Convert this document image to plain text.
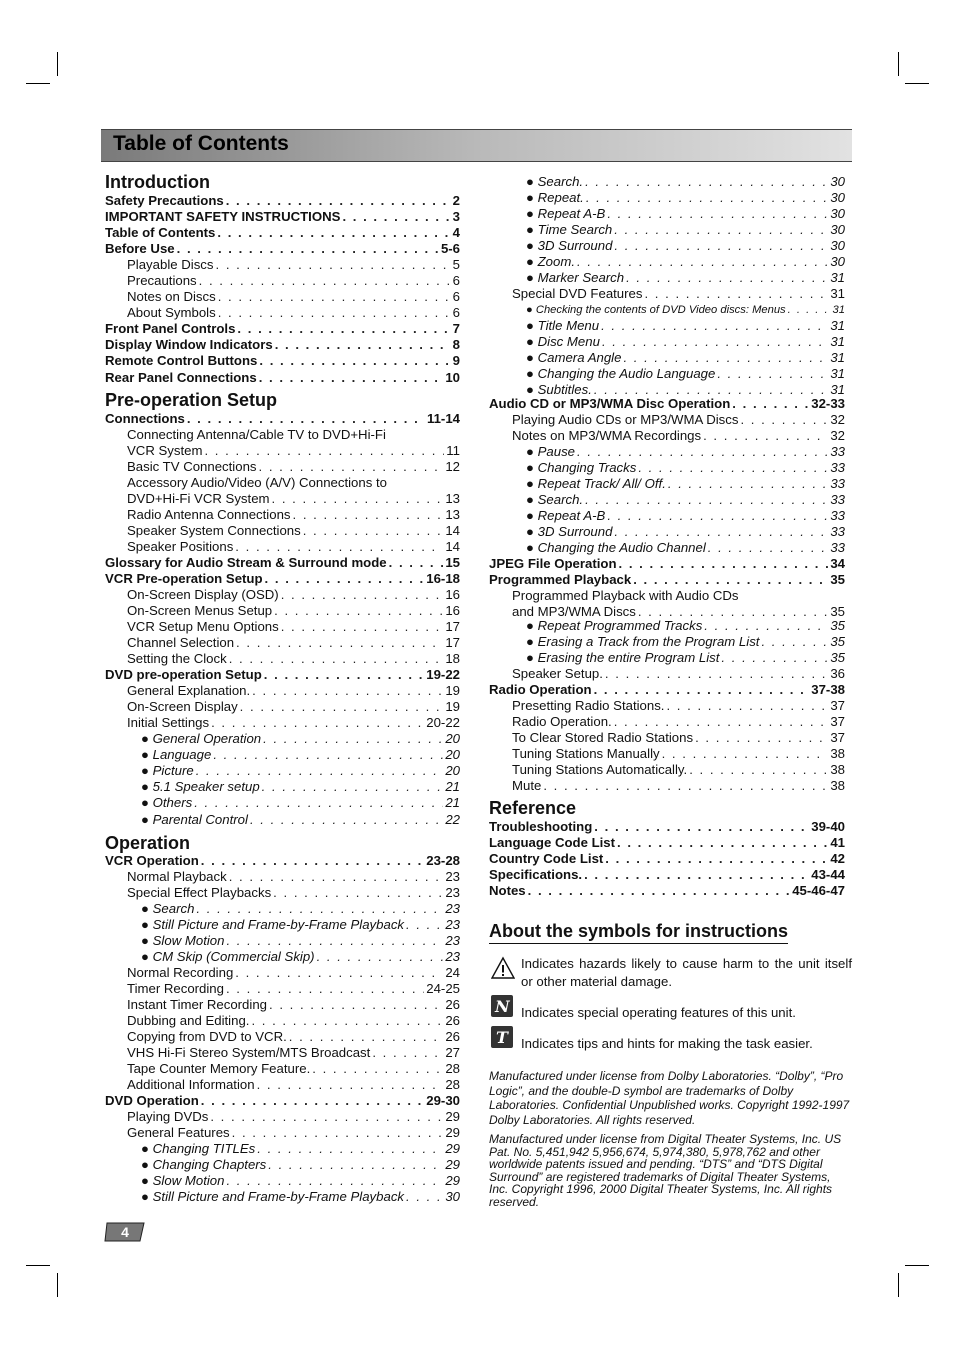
Table of Contents
Introduction
Safety Precautions . . .	2
IMPORTANT SAFETY INSTRUCTIONS . . .	3
Table of Contents . . .	4
Before Use . . .	5-6
Playable Discs . . .	5
Precautions . . .	6
Notes on Discs . . .	6
About Symbols . . .	6
Front Panel Controls . . .	7
Display Window Indicators . . .	8
Remote Control Buttons . . .	9
Rear Panel Connections . . .	10
Pre-operation Setup
Connections . . .	11-14
Connecting Antenna/Cable TV to DVD+Hi-Fi
VCR System . . .	11
Basic TV Connections . . .	12
Accessory Audio/Video (A/V) Connections to
DVD+Hi-Fi VCR System . . .	13
Radio Antenna Connections . . .	13
Speaker System Connections . . .	14
Speaker Positions . . .	14
Glossary for Audio Stream & Surround mode . . .	15
VCR Pre-operation Setup . . .	16-18
On-Screen Display (OSD) . . .	16
On-Screen Menus Setup . . .	16
VCR Setup Menu Options . . .	17
Channel Selection . . .	17
Setting the Clock . . .	18
DVD pre-operation Setup . . .	19-22
General Explanation. . . .	19
On-Screen Display . . .	19
Initial Settings . . .	20-22
● General Operation . . .	20
● Language . . .	20
● Picture . . .	20
● 5.1 Speaker setup . . .	21
● Others . . .	21
● Parental Control . . .	22
Operation
VCR Operation . . .	23-28
Normal Playback . . .	23
Special Effect Playbacks . . .	23
● Search . . .	23
● Still Picture and Frame-by-Frame Playback . . .	23
● Slow Motion . . .	23
● CM Skip (Commercial Skip) . . .	23
Normal Recording . . .	24
Timer Recording . . .	24-25
Instant Timer Recording . . .	26
Dubbing and Editing. . . .	26
Copying from DVD to VCR. . . .	26
VHS Hi-Fi Stereo System/MTS Broadcast . . .	27
Tape Counter Memory Feature. . . .	28
Additional Information . . .	28
DVD Operation . . .	29-30
Playing DVDs . . .	29
General Features . . .	29
● Changing TITLEs . . .	29
● Changing Chapters . . .	29
● Slow Motion . . .	29
● Still Picture and Frame-by-Frame Playback . . .	30
● Search. . . .	30
● Repeat. . . .	30
● Repeat A-B . . .	30
● Time Search . . .	30
● 3D Surround . . .	30
● Zoom. . . .	30
● Marker Search . . .	31
Special DVD Features . . .	31
● Checking the contents of DVD Video discs: Menus . . .	31
● Title Menu . . .	31
● Disc Menu . . .	31
● Camera Angle . . .	31
● Changing the Audio Language . . .	31
● Subtitles. . . .	31
Audio CD or MP3/WMA Disc Operation . . .	32-33
Playing Audio CDs or MP3/WMA Discs . . .	32
Notes on MP3/WMA Recordings . . .	32
● Pause . . .	33
● Changing Tracks . . .	33
● Repeat Track/ All/ Off. . . .	33
● Search. . . .	33
● Repeat A-B . . .	33
● 3D Surround . . .	33
● Changing the Audio Channel . . .	33
JPEG File Operation . . .	34
Programmed Playback . . .	35
Programmed Playback with Audio CDs
and MP3/WMA Discs . . .	35
● Repeat Programmed Tracks . . .	35
● Erasing a Track from the Program List . . .	35
● Erasing the entire Program List . . .	35
Speaker Setup. . . .	36
Radio Operation . . .	37-38
Presetting Radio Stations. . . .	37
Radio Operation. . . .	37
To Clear Stored Radio Stations . . .	37
Tuning Stations Manually . . .	38
Tuning Stations Automatically. . . .	38
Mute . . .	38
Reference
Troubleshooting . . .	39-40
Language Code List . . .	41
Country Code List . . .	42
Specifications. . . .	43-44
Notes . . .	45-46-47
About the symbols for instructions
Indicates hazards likely to cause harm to the unit itself or other material damage.
N Indicates special operating features of this unit.
T Indicates tips and hints for making the task easier.
Manufactured under license from Dolby Laboratories. “Dolby”, “Pro Logic”, and the double-D symbol are trademarks of Dolby Laboratories. Confidential Unpublished works. Copyright 1992-1997 Dolby Laboratories. All rights reserved.
Manufactured under license from Digital Theater Systems, Inc. US Pat. No. 5,451,942 5,956,674, 5,974,380, 5,978,762 and other worldwide patents issued and pending. “DTS” and “DTS Digital Surround” are registered trademarks of Digital Theater Systems, Inc. Copyright 1996, 2000 Digital Theater Systems, Inc. All rights reserved.
4
